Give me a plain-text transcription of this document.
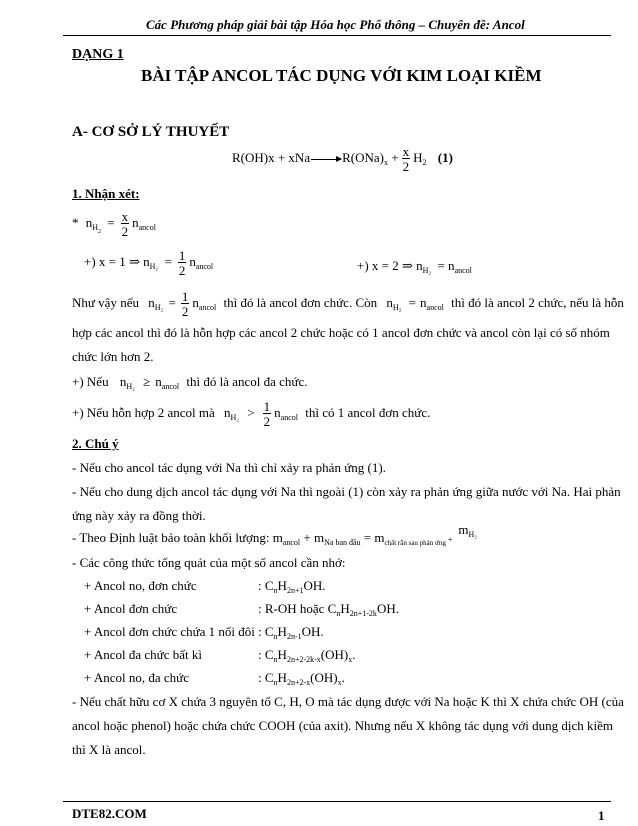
Các Phương pháp giải bài tập Hóa học Phổ thông – Chuyên đề: Ancol
DẠNG 1
BÀI TẬP ANCOL TÁC DỤNG VỚI KIM LOẠI KIỀM
A- CƠ SỞ LÝ THUYẾT
$R(OH)x + xNa\to R(ONa)_x + \frac{x}{2} H_2$ (1)
1. Nhận xét:
* $n_{H_2} = \frac{x}{2} n_{ancol}$
+) x = 1 ⇒ $n_{H_2} = \frac{1}{2} n_{ancol}$	+) x = 2 ⇒ $n_{H_2} = n_{ancol}$
Như vậy nếu $n_{H_2} = \frac{1}{2} n_{ancol}$ thì đó là ancol đơn chức. Còn $n_{H_2} = n_{ancol}$ thì đó là ancol 2 chức, nếu là hỗn
hợp các ancol thì đó là hỗn hợp các ancol 2 chức hoặc có 1 ancol đơn chức và ancol còn lại có số nhóm
chức lớn hơn 2.
+) Nếu $n_{H_2} \ge n_{ancol}$ thì đó là ancol đa chức.
+) Nếu hỗn hợp 2 ancol mà $n_{H_2} > \frac{1}{2} n_{ancol}$ thì có 1 ancol đơn chức.
2. Chú ý
- Nếu cho ancol tác dụng với Na thì chỉ xảy ra phản ứng (1).
- Nếu cho dung dịch ancol tác dụng với Na thì ngoài (1) còn xảy ra phản ứng giữa nước với Na. Hai phản
ứng này xảy ra đồng thời.
- Theo Định luật bảo toàn khối lượng: $m_{ancol} + m_{Na ban đầu} = m_{chất rắn sau phản ứng} + m_{H_2}$
- Các công thức tổng quát của một số ancol cần nhớ:
+ Ancol no, đơn chức	: $C_nH_{2n+1}OH$.
+ Ancol đơn chức	: R-OH hoặc $C_nH_{2n+1-2k}OH$.
+ Ancol đơn chức chứa 1 nối đôi : $C_nH_{2n-1}OH$.
+ Ancol đa chức bất kì	: $C_nH_{2n+2-2k-x}(OH)_x$.
+ Ancol no, đa chức	: $C_nH_{2n+2-x}(OH)_x$.
- Nếu chất hữu cơ X chứa 3 nguyên tố C, H, O mà tác dụng được với Na hoặc K thì X chứa chức OH (của
ancol hoặc phenol) hoặc chứa chức COOH (của axit). Nhưng nếu X không tác dụng với dung dịch kiềm
thì X là ancol.
DTE82.COM	1
